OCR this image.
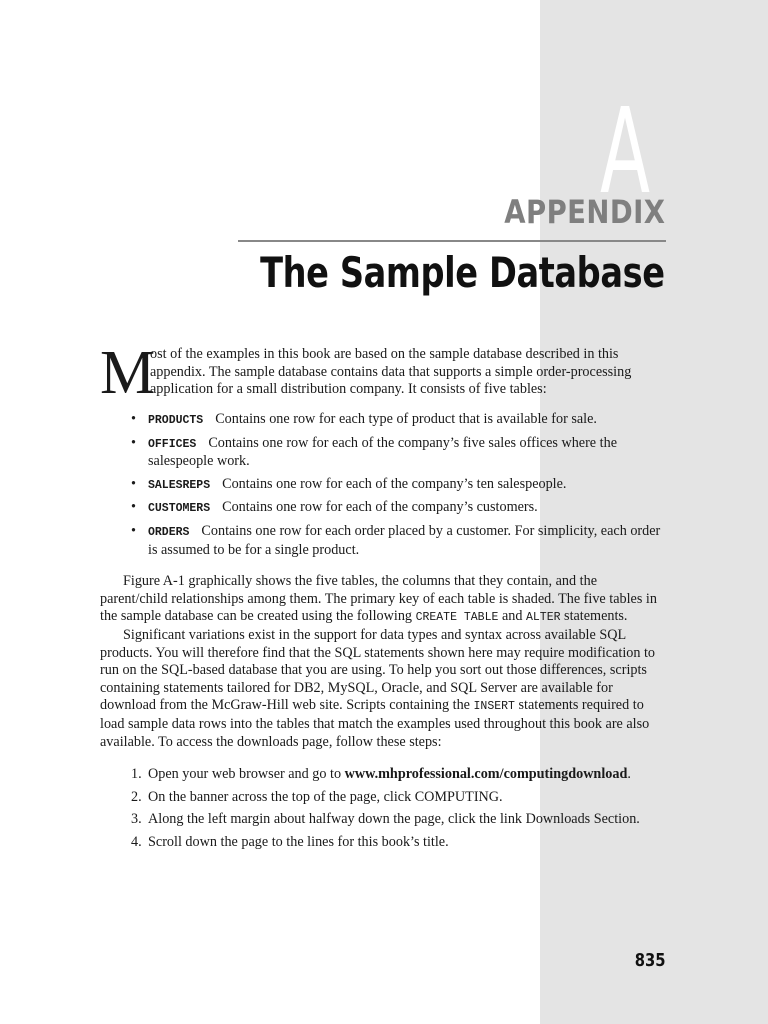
A
APPENDIX
The Sample Database
M

ost of the examples in this book are based on the sample database described in this appendix. The sample database contains data that supports a simple order-processing application for a small distribution company. It consists of five tables:

• PRODUCTS Contains one row for each type of product that is available for sale.
• OFFICES Contains one row for each of the company’s five sales offices where the salespeople work.
• SALESREPS Contains one row for each of the company’s ten salespeople.
• CUSTOMERS Contains one row for each of the company’s customers.
• ORDERS Contains one row for each order placed by a customer. For simplicity, each order is assumed to be for a single product.

Figure A-1 graphically shows the five tables, the columns that they contain, and the parent/child relationships among them. The primary key of each table is shaded. The five tables in the sample database can be created using the following CREATE TABLE and ALTER statements.

Significant variations exist in the support for data types and syntax across available SQL products. You will therefore find that the SQL statements shown here may require modification to run on the SQL-based database that you are using. To help you sort out those differences, scripts containing statements tailored for DB2, MySQL, Oracle, and SQL Server are available for download from the McGraw-Hill web site. Scripts containing the INSERT statements required to load sample data rows into the tables that match the examples used throughout this book are also available. To access the downloads page, follow these steps:

1. Open your web browser and go to www.mhprofessional.com/computingdownload.
2. On the banner across the top of the page, click COMPUTING.
3. Along the left margin about halfway down the page, click the link Downloads Section.
4. Scroll down the page to the lines for this book’s title.
835
